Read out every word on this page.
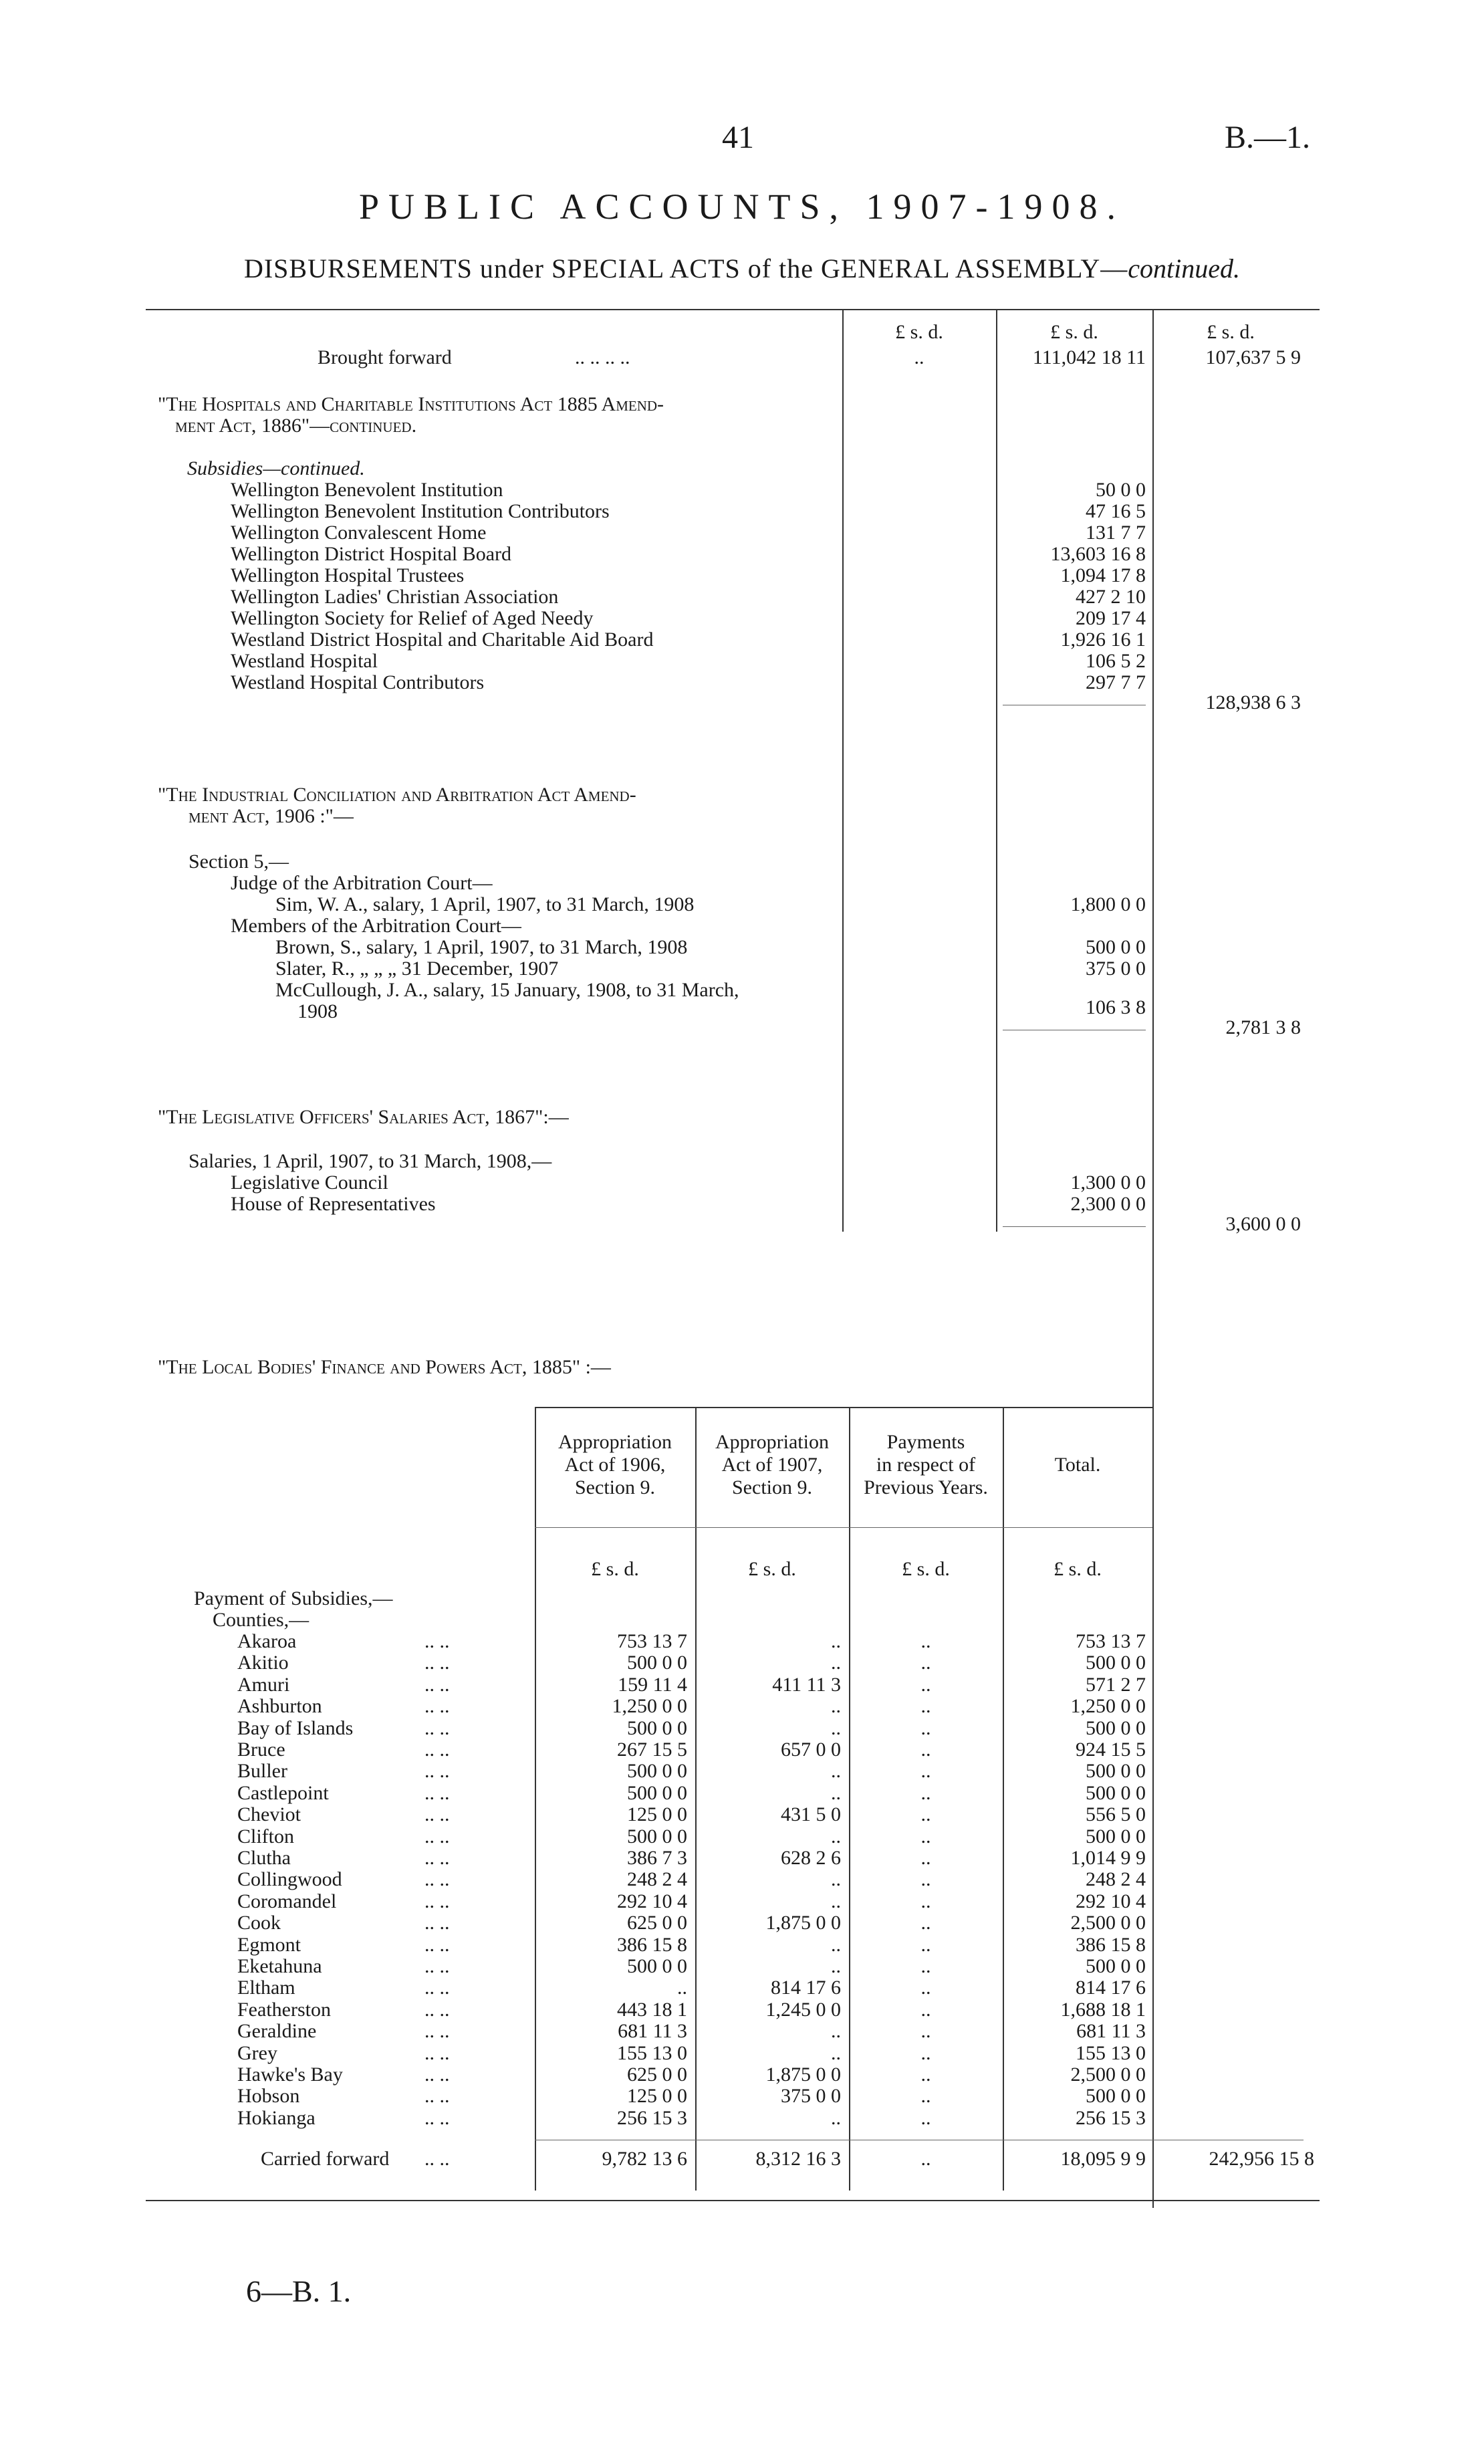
41	B.—1.
PUBLIC ACCOUNTS, 1907-1908.
DISBURSEMENTS under SPECIAL ACTS of the GENERAL ASSEMBLY—continued.
£ s. d.	£ s. d.	£ s. d.
Brought forward	.. .. .. ..	..	111,042 18 11	107,637 5 9
"The Hospitals and Charitable Institutions Act 1885 Amend-
ment Act, 1886"—continued.
Subsidies—continued.
Wellington Benevolent Institution	50 0 0
Wellington Benevolent Institution Contributors	47 16 5
Wellington Convalescent Home	131 7 7
Wellington District Hospital Board	13,603 16 8
Wellington Hospital Trustees	1,094 17 8
Wellington Ladies' Christian Association	427 2 10
Wellington Society for Relief of Aged Needy	209 17 4
Westland District Hospital and Charitable Aid Board	1,926 16 1
Westland Hospital	106 5 2
Westland Hospital Contributors	297 7 7
128,938 6 3
"The Industrial Conciliation and Arbitration Act Amend-
ment Act, 1906 :"—
Section 5,—
Judge of the Arbitration Court—
Sim, W. A., salary, 1 April, 1907, to 31 March, 1908	1,800 0 0
Members of the Arbitration Court—
Brown, S., salary, 1 April, 1907, to 31 March, 1908	500 0 0
Slater, R., „ „ „ 31 December, 1907	375 0 0
McCullough, J. A., salary, 15 January, 1908, to 31 March,
1908	106 3 8
2,781 3 8
"The Legislative Officers' Salaries Act, 1867":—
Salaries, 1 April, 1907, to 31 March, 1908,—
Legislative Council	1,300 0 0
House of Representatives	2,300 0 0
3,600 0 0
"The Local Bodies' Finance and Powers Act, 1885" :—
Appropriation
Act of 1906,
Section 9.
Appropriation
Act of 1907,
Section 9.
Payments
in respect of
Previous Years.
Total.
£ s. d.	£ s. d.	£ s. d.	£ s. d.
Payment of Subsidies,—
Counties,—
Akaroa	753 13 7	..	..	753 13 7
.. ..
Akitio	500 0 0	..	..	500 0 0
.. ..
Amuri	159 11 4	411 11 3	..	571 2 7
.. ..
Ashburton	1,250 0 0	..	..	1,250 0 0
.. ..
Bay of Islands	500 0 0	..	..	500 0 0
.. ..
Bruce	267 15 5	657 0 0	..	924 15 5
.. ..
Buller	500 0 0	..	..	500 0 0
.. ..
Castlepoint	500 0 0	..	..	500 0 0
.. ..
Cheviot	125 0 0	431 5 0	..	556 5 0
.. ..
Clifton	500 0 0	..	..	500 0 0
.. ..
Clutha	386 7 3	628 2 6	..	1,014 9 9
.. ..
Collingwood	248 2 4	..	..	248 2 4
.. ..
Coromandel	292 10 4	..	..	292 10 4
.. ..
Cook	625 0 0	1,875 0 0	..	2,500 0 0
.. ..
Egmont	386 15 8	..	..	386 15 8
.. ..
Eketahuna	500 0 0	..	..	500 0 0
.. ..
Eltham	..	814 17 6	..	814 17 6
.. ..
Featherston	443 18 1	1,245 0 0	..	1,688 18 1
.. ..
Geraldine	681 11 3	..	..	681 11 3
.. ..
Grey	155 13 0	..	..	155 13 0
.. ..
Hawke's Bay	625 0 0	1,875 0 0	..	2,500 0 0
.. ..
Hobson	125 0 0	375 0 0	..	500 0 0
.. ..
Hokianga	256 15 3	..	..	256 15 3
.. ..
Carried forward .. ..	9,782 13 6	8,312 16 3	..	18,095 9 9	242,956 15 8
6—B. 1.
